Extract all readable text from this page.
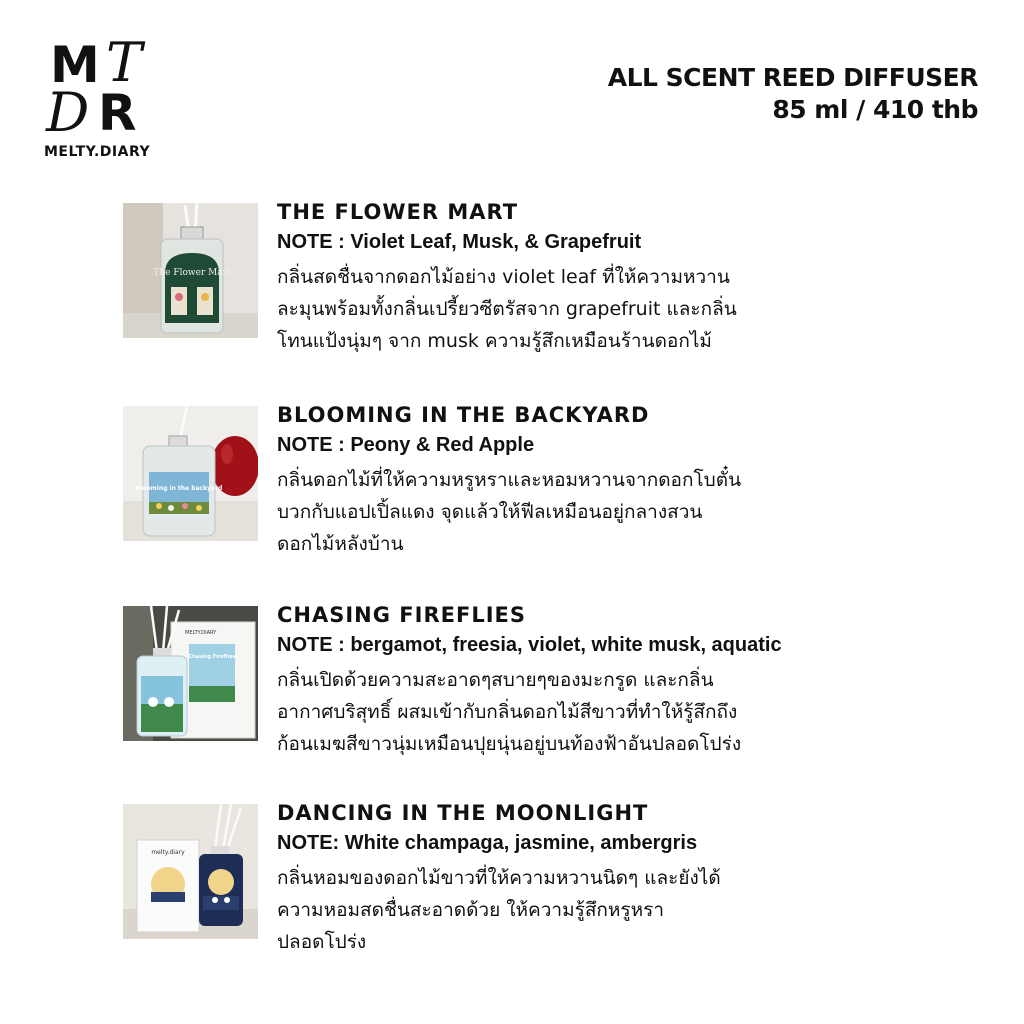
M T
D R
MELTY.DIARY
ALL SCENT REED DIFFUSER
85 ml / 410 thb
The Flower Mart
THE FLOWER MART
NOTE : Violet Leaf, Musk, & Grapefruit
กลิ่นสดชื่นจากดอกไม้อย่าง violet leaf ที่ให้ความหวาน
ละมุนพร้อมทั้งกลิ่นเปรี้ยวซีตรัสจาก grapefruit และกลิ่น
โทนแป้งนุ่มๆ จาก musk ความรู้สึกเหมือนร้านดอกไม้
Blooming in the backyard
BLOOMING IN THE BACKYARD
NOTE : Peony & Red Apple
กลิ่นดอกไม้ที่ให้ความหรูหราและหอมหวานจากดอกโบตั๋น
บวกกับแอปเปิ้ลแดง จุดแล้วให้ฟีลเหมือนอยู่กลางสวน
ดอกไม้หลังบ้าน
MELTY.DIARY
Chasing Fireflies
CHASING FIREFLIES
NOTE : bergamot, freesia, violet, white musk, aquatic
กลิ่นเปิดด้วยความสะอาดๆสบายๆของมะกรูด และกลิ่น
อากาศบริสุทธิ์ ผสมเข้ากับกลิ่นดอกไม้สีขาวที่ทำให้รู้สึกถึง
ก้อนเมฆสีขาวนุ่มเหมือนปุยนุ่นอยู่บนท้องฟ้าอันปลอดโปร่ง
melty.diary
DANCING IN THE MOONLIGHT
NOTE: White champaga, jasmine, ambergris
กลิ่นหอมของดอกไม้ขาวที่ให้ความหวานนิดๆ และยังได้
ความหอมสดชื่นสะอาดด้วย ให้ความรู้สึกหรูหรา
ปลอดโปร่ง
